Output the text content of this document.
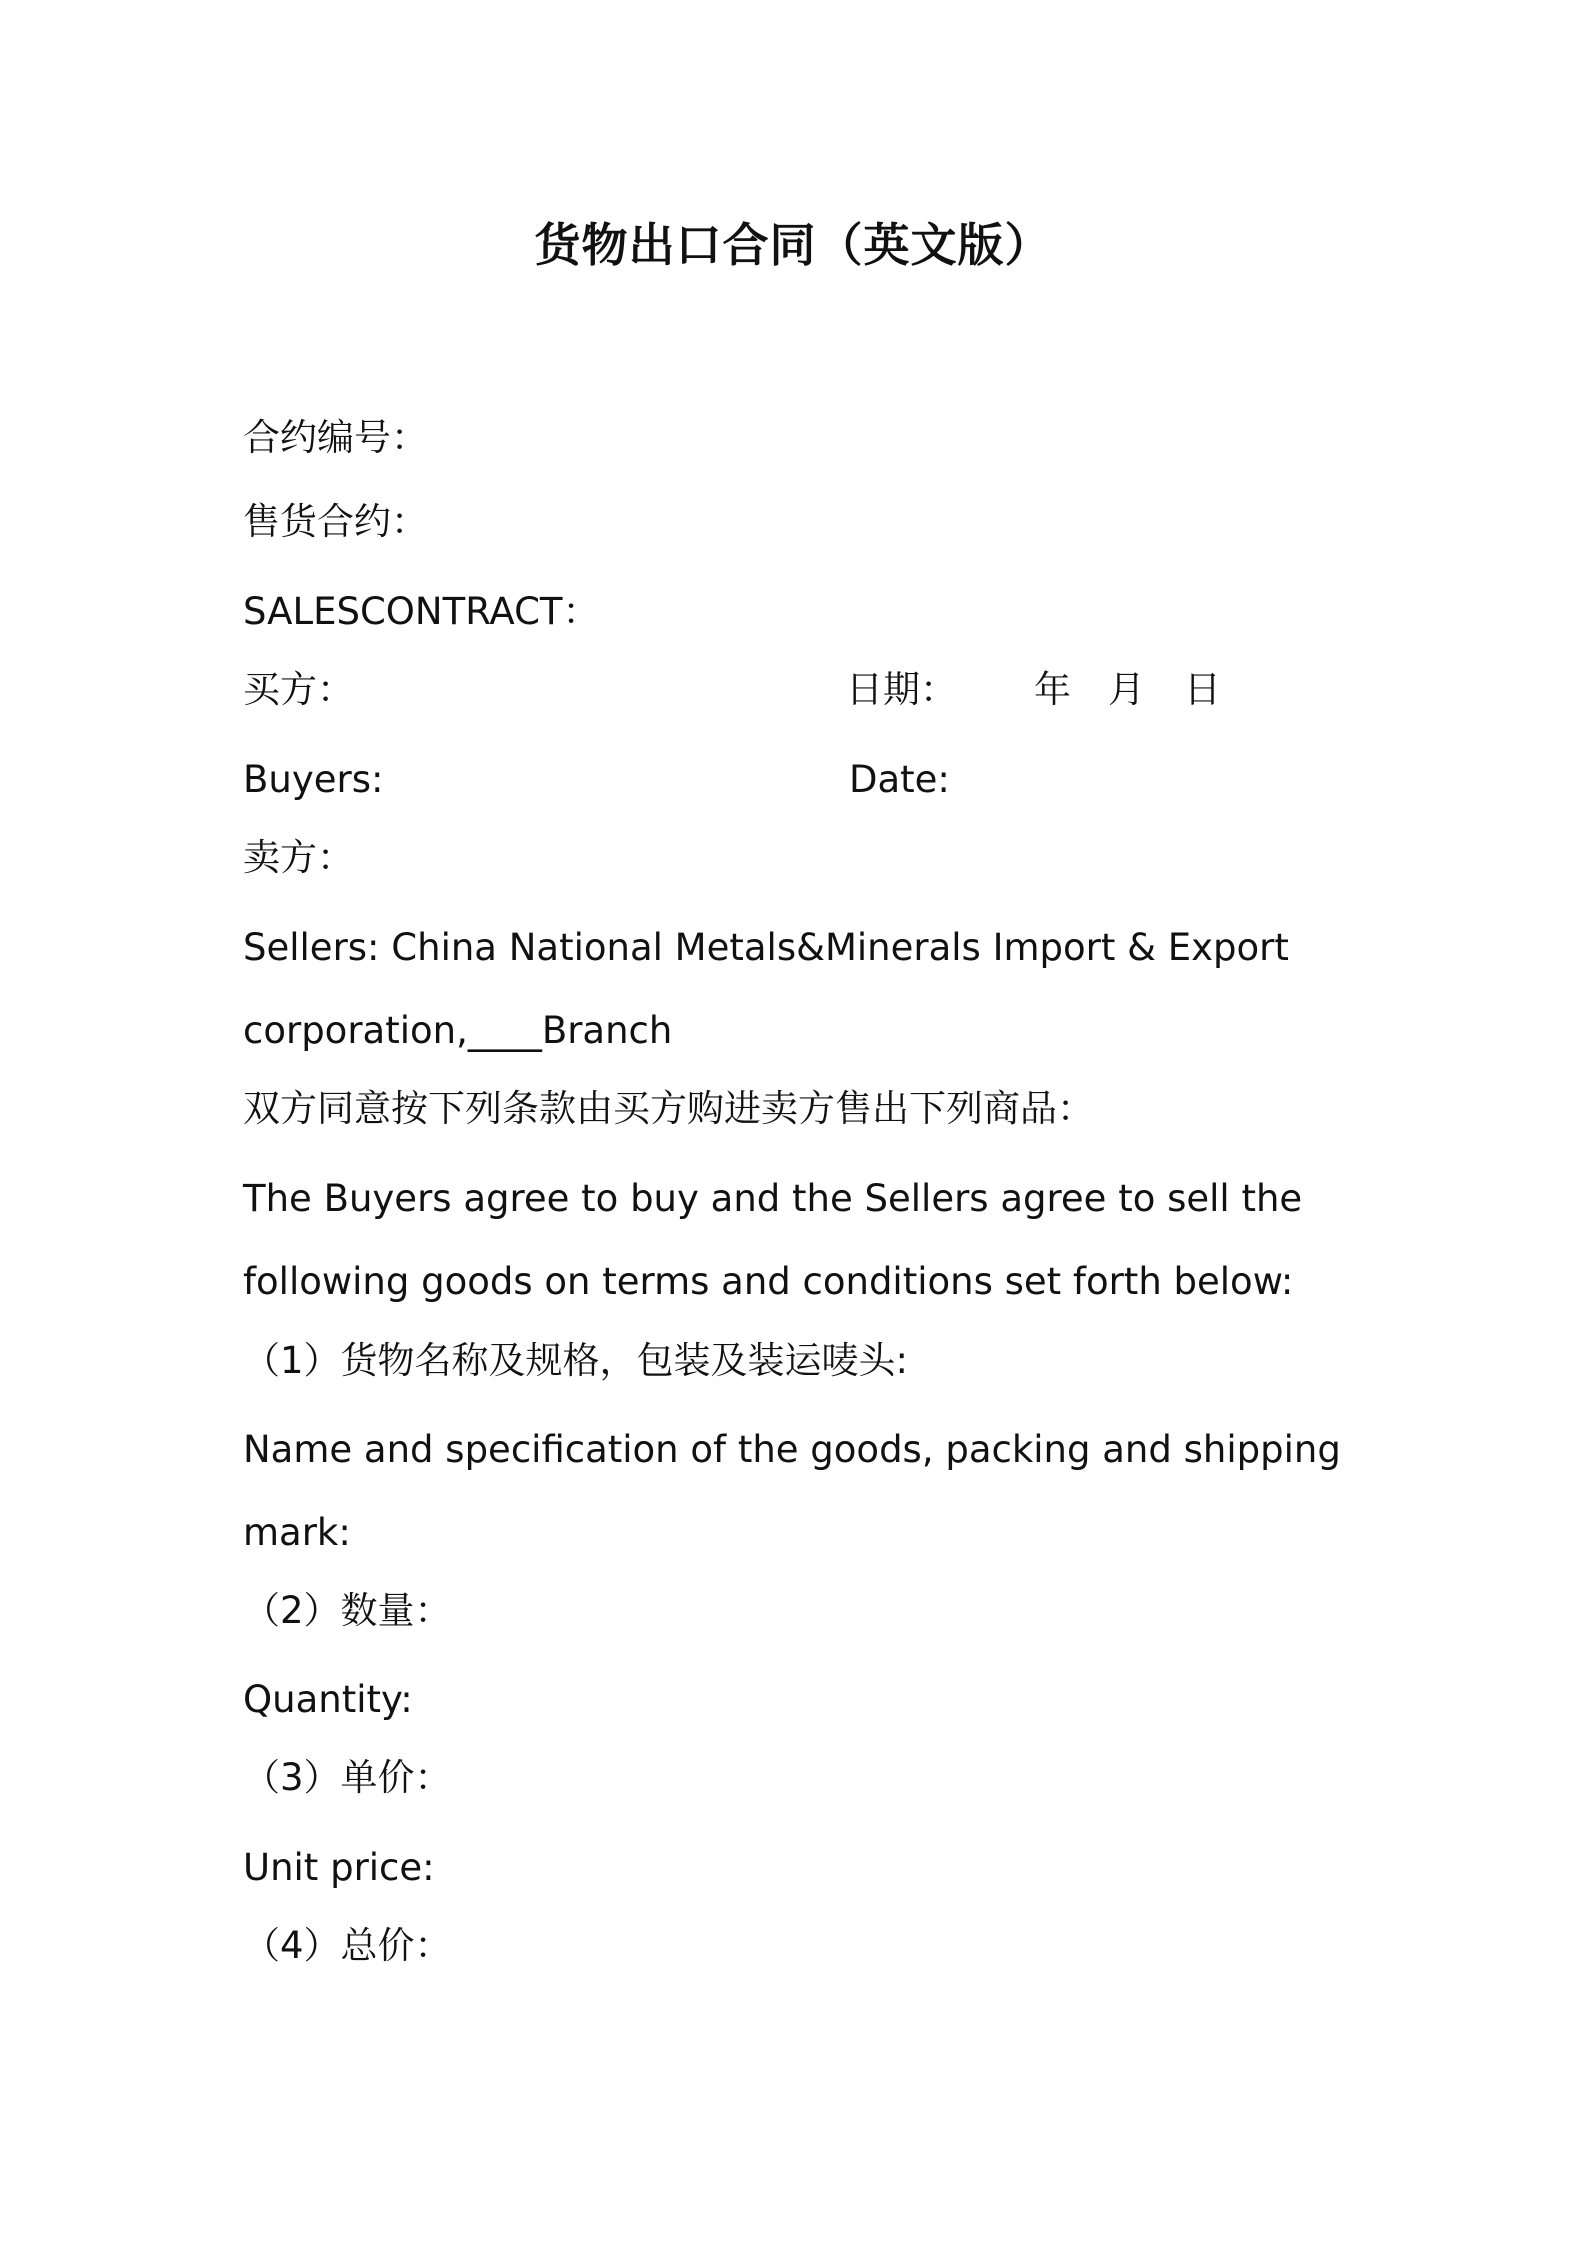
货物出口合同（英文版）
合约编号：
售货合约：
SALESCONTRACT：
买方：	日期： 年 月 日
Buyers:	Date:
卖方：
Sellers: China National Metals&Minerals Import & Export
corporation,____Branch
双方同意按下列条款由买方购进卖方售出下列商品：
The Buyers agree to buy and the Sellers agree to sell the
following goods on terms and conditions set forth below:
（1）货物名称及规格，包装及装运唛头:
Name and specification of the goods, packing and shipping
mark:
（2）数量：
Quantity:
（3）单价：
Unit price:
（4）总价：
